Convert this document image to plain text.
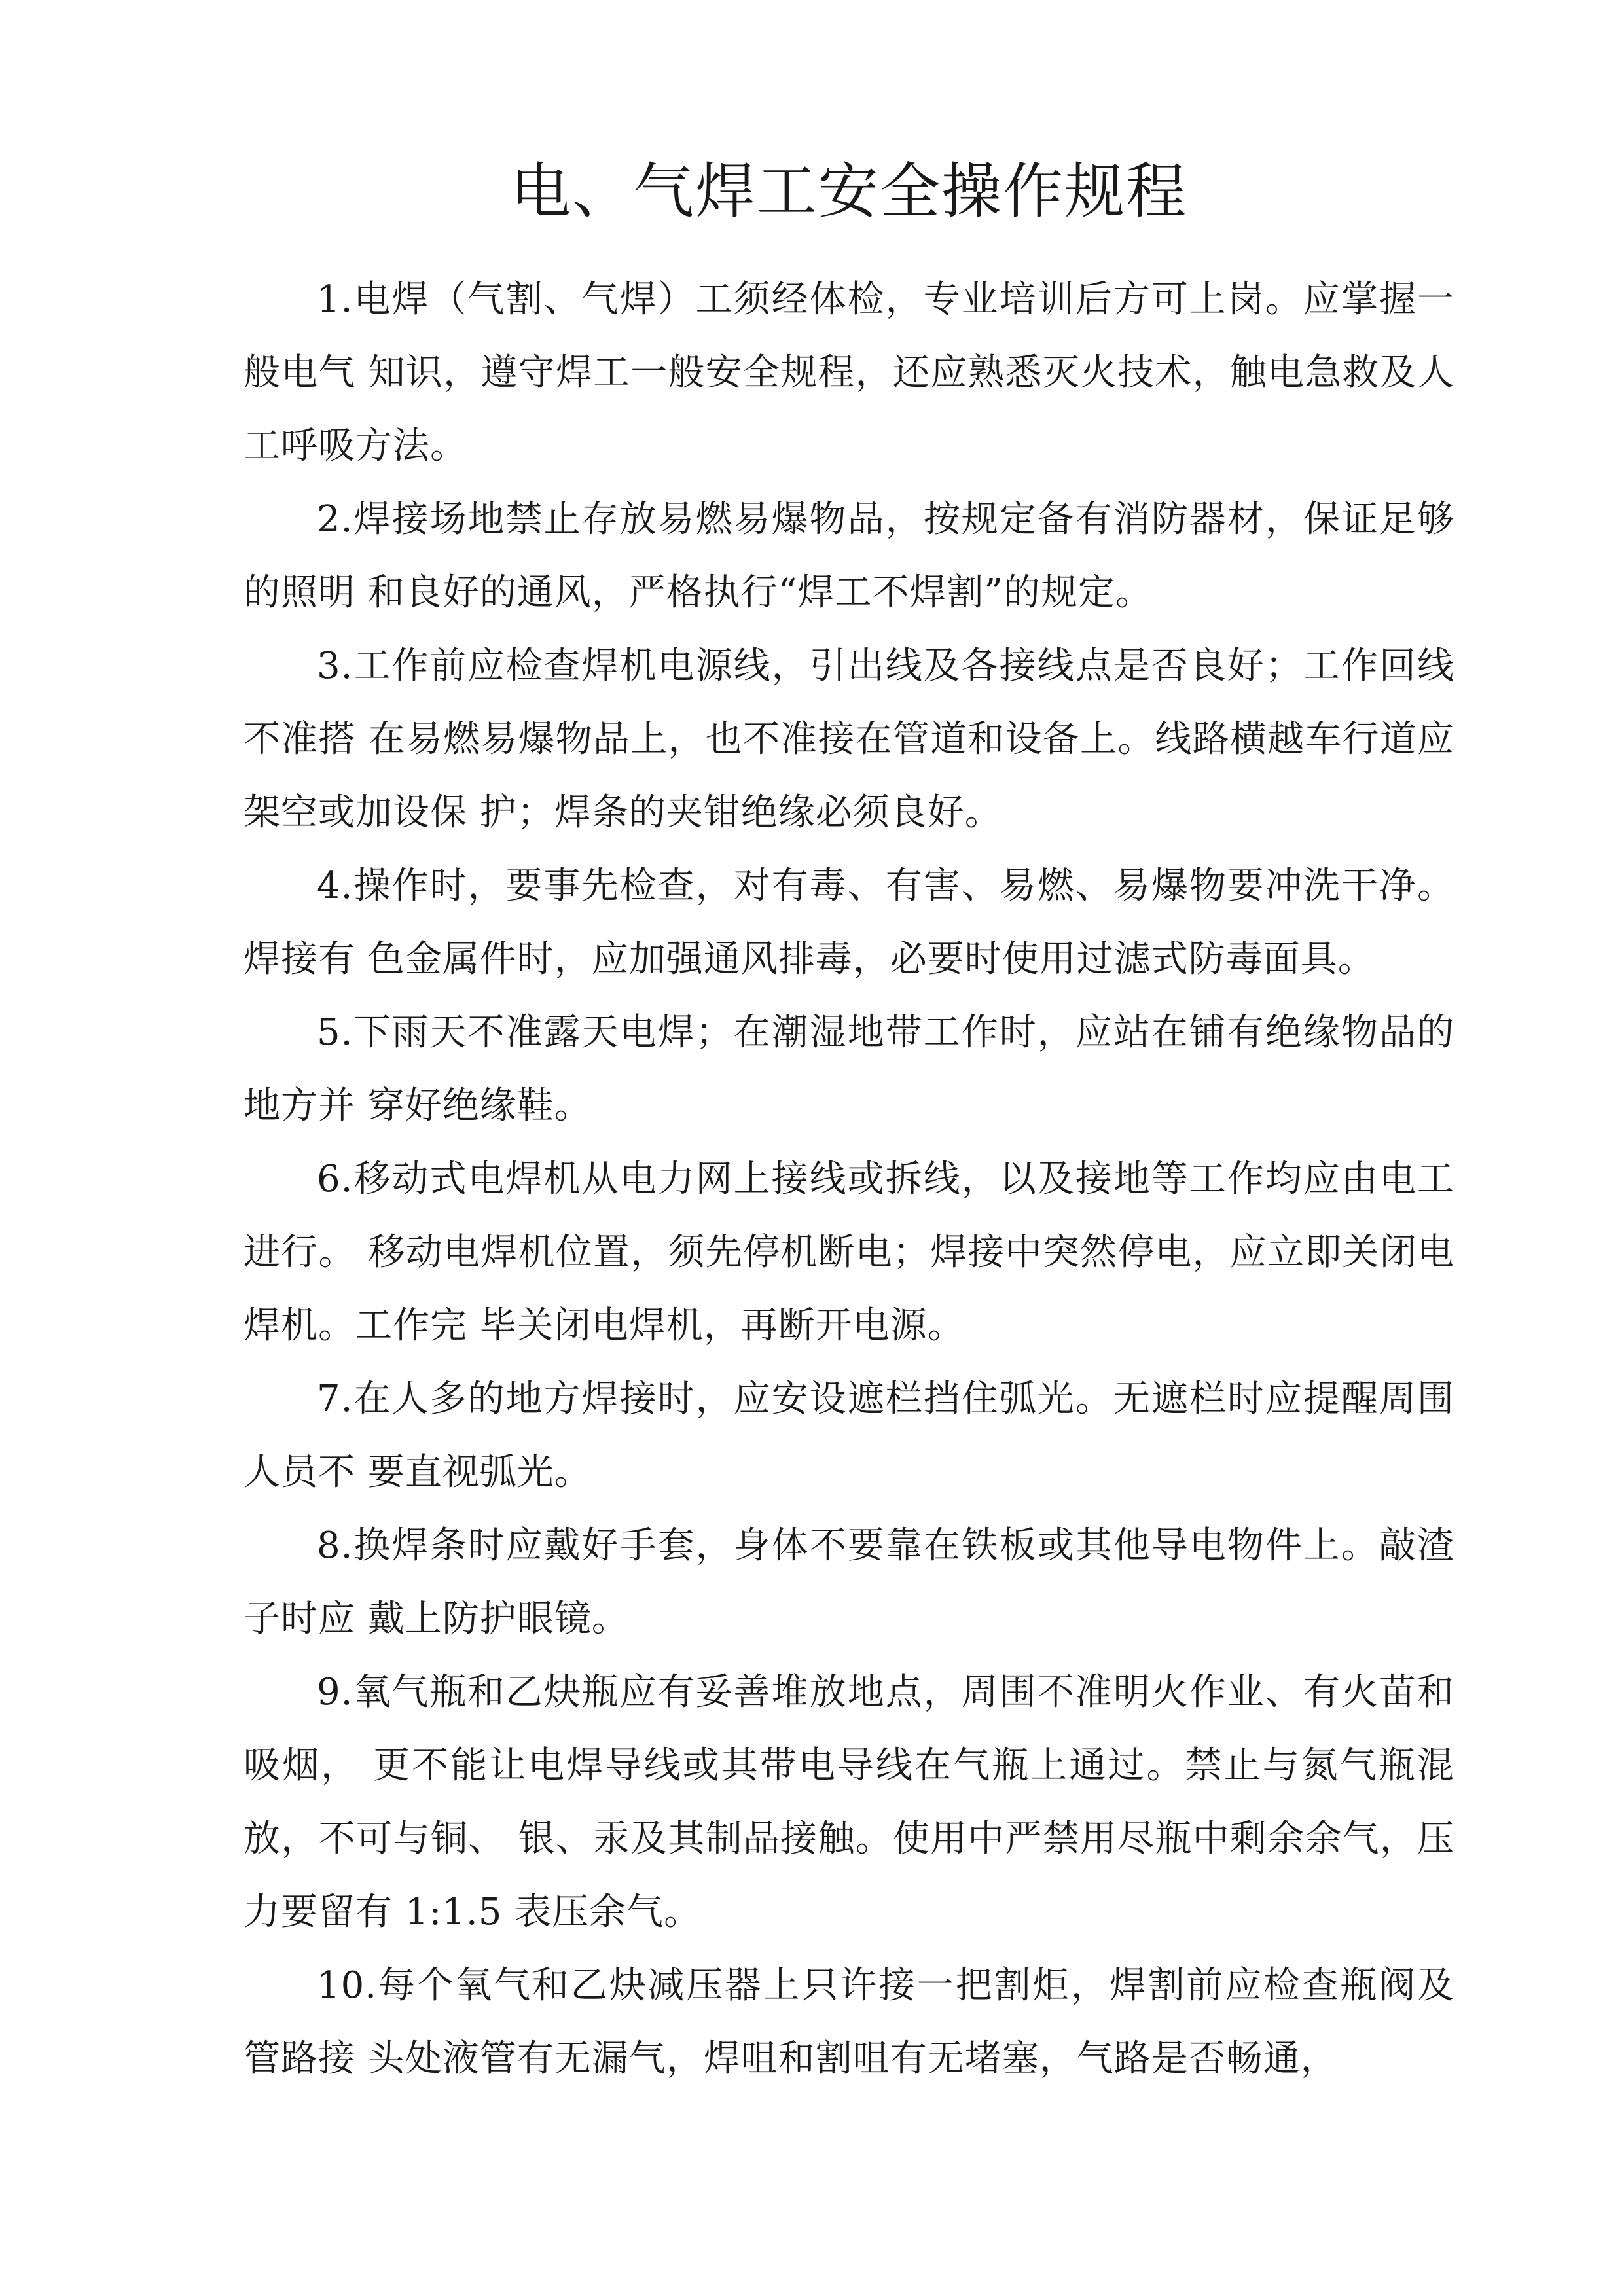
电、气焊工安全操作规程

1.电焊（气割、气焊）工须经体检，专业培训后方可上岗。应掌握一般电气 知识，遵守焊工一般安全规程，还应熟悉灭火技术，触电急救及人工呼吸方法。

2.焊接场地禁止存放易燃易爆物品，按规定备有消防器材，保证足够的照明 和良好的通风，严格执行“焊工不焊割”的规定。

3.工作前应检查焊机电源线，引出线及各接线点是否良好；工作回线不准搭 在易燃易爆物品上，也不准接在管道和设备上。线路横越车行道应架空或加设保 护；焊条的夹钳绝缘必须良好。

4.操作时，要事先检查，对有毒、有害、易燃、易爆物要冲洗干净。焊接有 色金属件时，应加强通风排毒，必要时使用过滤式防毒面具。

5.下雨天不准露天电焊；在潮湿地带工作时，应站在铺有绝缘物品的地方并 穿好绝缘鞋。

6.移动式电焊机从电力网上接线或拆线，以及接地等工作均应由电工进行。 移动电焊机位置，须先停机断电；焊接中突然停电，应立即关闭电焊机。工作完 毕关闭电焊机，再断开电源。

7.在人多的地方焊接时，应安设遮栏挡住弧光。无遮栏时应提醒周围人员不 要直视弧光。

8.换焊条时应戴好手套，身体不要靠在铁板或其他导电物件上。敲渣子时应 戴上防护眼镜。

9.氧气瓶和乙炔瓶应有妥善堆放地点，周围不准明火作业、有火苗和吸烟， 更不能让电焊导线或其带电导线在气瓶上通过。禁止与氮气瓶混放，不可与铜、 银、汞及其制品接触。使用中严禁用尽瓶中剩余余气，压力要留有 1:1.5 表压余气。

10.每个氧气和乙炔减压器上只许接一把割炬，焊割前应检查瓶阀及管路接 头处液管有无漏气，焊咀和割咀有无堵塞，气路是否畅通，
